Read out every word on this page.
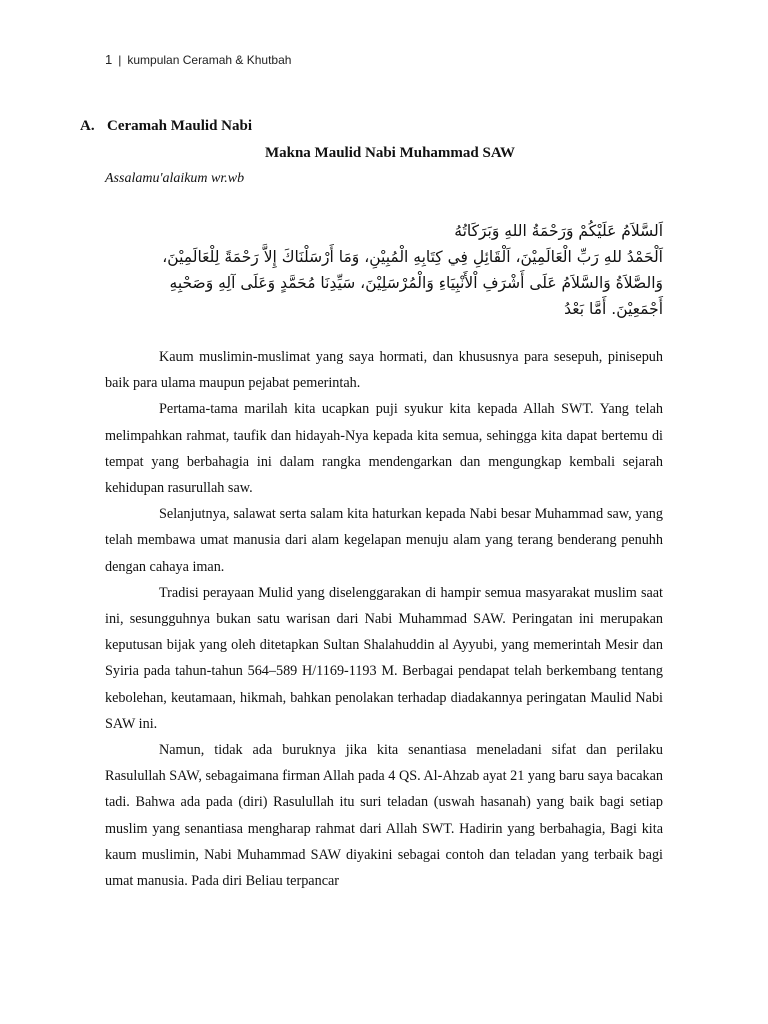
1 | kumpulan Ceramah & Khutbah
A. Ceramah Maulid Nabi
Makna Maulid Nabi Muhammad SAW
Assalamu'alaikum wr.wb
اَلسَّلاَمُ عَلَيْكُمْ وَرَحْمَةُ اللهِ وَبَرَكَاتُهُ
اَلْحَمْدُ للهِ رَبِّ الْعَالَمِيْنَ، اَلْقَائِلِ فِي كِتَابِهِ الْمُبِيْنِ، وَمَا أَرْسَلْنَاكَ إِلاَّ رَحْمَةً لِلْعَالَمِيْنَ،
وَالصَّلاَةُ وَالسَّلاَمُ عَلَى أَشْرَفِ اْلأَنْبِيَاءِ وَالْمُرْسَلِيْنَ، سَيِّدِنَا مُحَمَّدٍ وَعَلَى آلِهِ وَصَحْبِهِ
أَجْمَعِيْنَ. أَمَّا بَعْدُ

Kaum muslimin-muslimat yang saya hormati, dan khususnya para sesepuh, pinisepuh baik para ulama maupun pejabat pemerintah.

Pertama-tama marilah kita ucapkan puji syukur kita kepada Allah SWT. Yang telah melimpahkan rahmat, taufik dan hidayah-Nya kepada kita semua, sehingga kita dapat bertemu di tempat yang berbahagia ini dalam rangka mendengarkan dan mengungkap kembali sejarah kehidupan rasurullah saw.

Selanjutnya, salawat serta salam kita haturkan kepada Nabi besar Muhammad saw, yang telah membawa umat manusia dari alam kegelapan menuju alam yang terang benderang penuhh dengan cahaya iman.

Tradisi perayaan Mulid yang diselenggarakan di hampir semua masyarakat muslim saat ini, sesungguhnya bukan satu warisan dari Nabi Muhammad SAW. Peringatan ini merupakan keputusan bijak yang oleh ditetapkan Sultan Shalahuddin al Ayyubi, yang memerintah Mesir dan Syiria pada tahun-tahun 564–589 H/1169-1193 M. Berbagai pendapat telah berkembang tentang kebolehan, keutamaan, hikmah, bahkan penolakan terhadap diadakannya peringatan Maulid Nabi SAW ini.

Namun, tidak ada buruknya jika kita senantiasa meneladani sifat dan perilaku Rasulullah SAW, sebagaimana firman Allah pada 4 QS. Al-Ahzab ayat 21 yang baru saya bacakan tadi. Bahwa ada pada (diri) Rasulullah itu suri teladan (uswah hasanah) yang baik bagi setiap muslim yang senantiasa mengharap rahmat dari Allah SWT. Hadirin yang berbahagia, Bagi kita kaum muslimin, Nabi Muhammad SAW diyakini sebagai contoh dan teladan yang terbaik bagi umat manusia. Pada diri Beliau terpancar
